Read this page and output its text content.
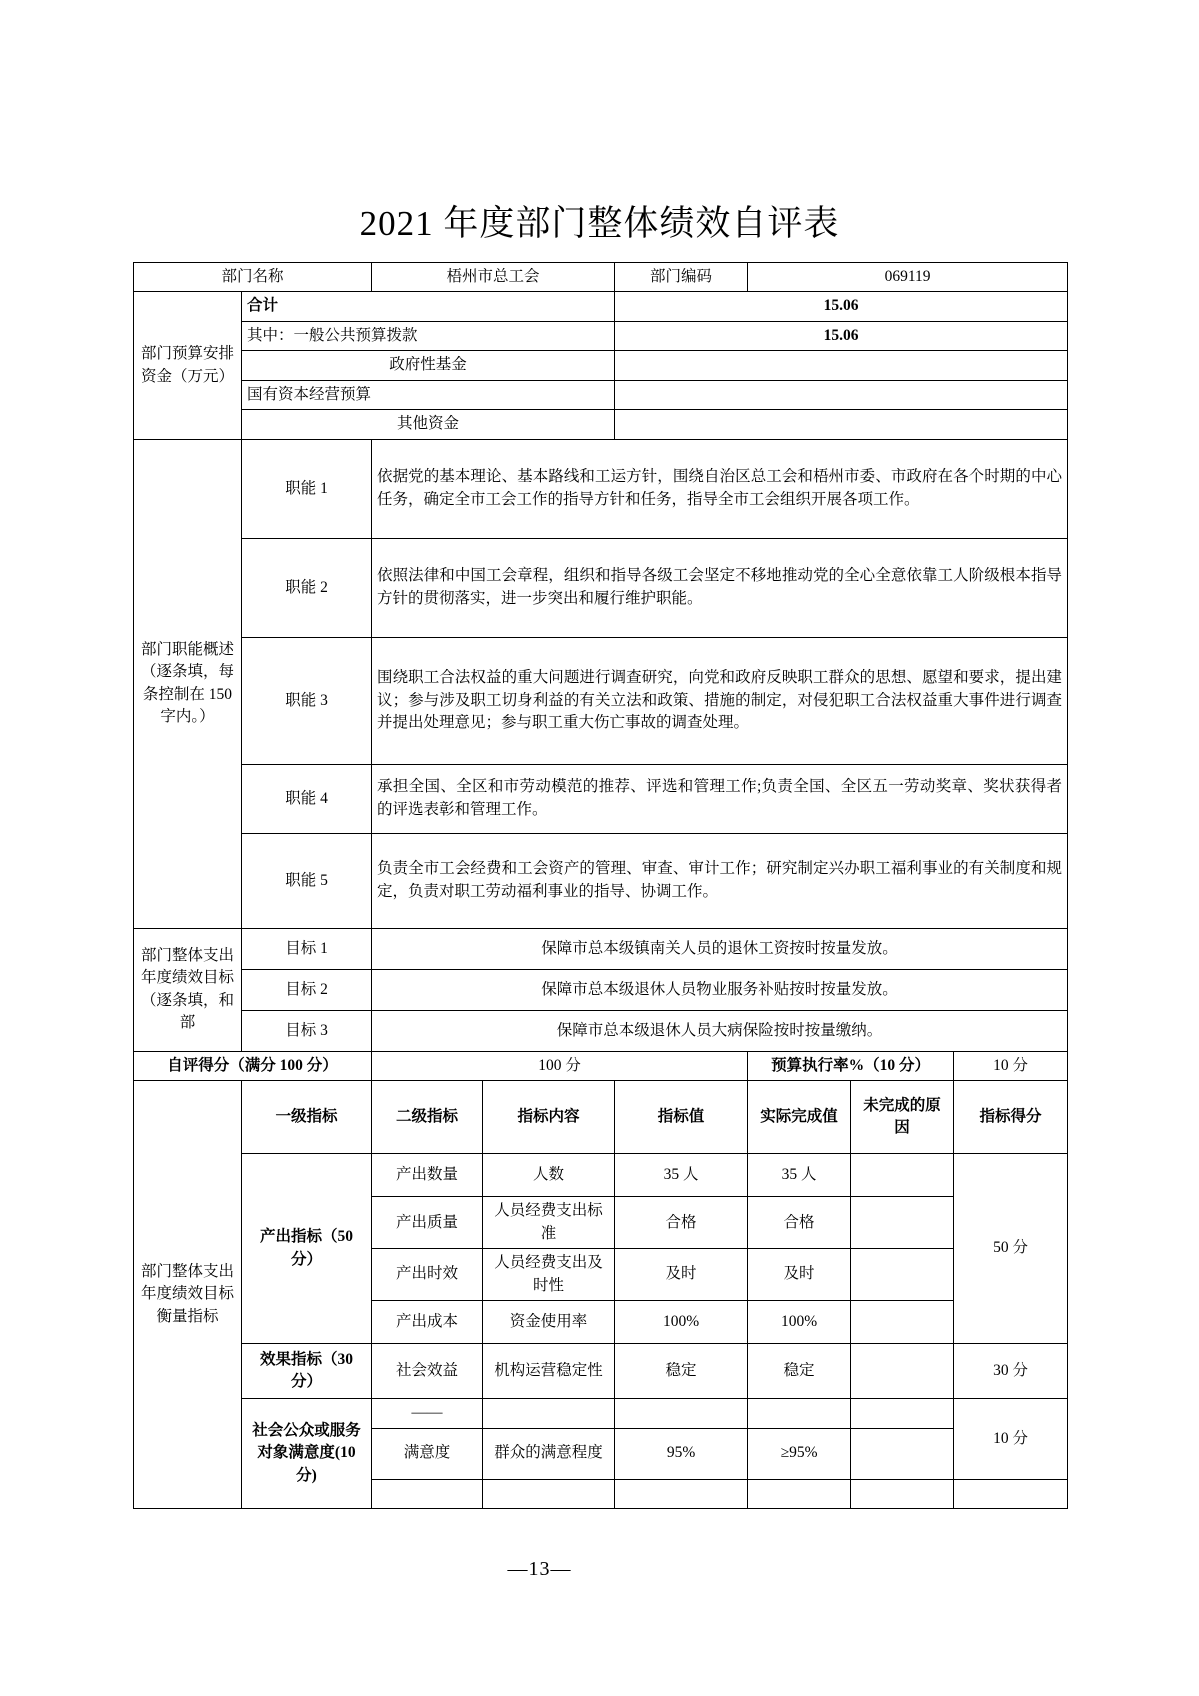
2021 年度部门整体绩效自评表
部门名称		梧州市总工会		部门编码	069119		
部门预算安排资金（万元）	合计			15.06			
	其中：一般公共预算拨款			15.06			
	政府性基金						
	国有资本经营预算						
	其他资金						
部门职能概述（逐条填，每条控制在 150 字内。）	职能 1	依据党的基本理论、基本路线和工运方针，围绕自治区总工会和梧州市委、市政府在各个时期的中心任务，确定全市工会工作的指导方针和任务，指导全市工会组织开展各项工作。					
	职能 2	依照法律和中国工会章程，组织和指导各级工会坚定不移地推动党的全心全意依靠工人阶级根本指导方针的贯彻落实，进一步突出和履行维护职能。					
	职能 3	围绕职工合法权益的重大问题进行调查研究，向党和政府反映职工群众的思想、愿望和要求，提出建议；参与涉及职工切身利益的有关立法和政策、措施的制定，对侵犯职工合法权益重大事件进行调查并提出处理意见；参与职工重大伤亡事故的调查处理。					
	职能 4	承担全国、全区和市劳动模范的推荐、评选和管理工作;负责全国、全区五一劳动奖章、奖状获得者的评选表彰和管理工作。					
	职能 5	负责全市工会经费和工会资产的管理、审查、审计工作；研究制定兴办职工福利事业的有关制度和规定，负责对职工劳动福利事业的指导、协调工作。					
部门整体支出年度绩效目标（逐条填，和部	目标 1	保障市总本级镇南关人员的退休工资按时按量发放。					
	目标 2	保障市总本级退休人员物业服务补贴按时按量发放。					
	目标 3	保障市总本级退休人员大病保险按时按量缴纳。					
自评得分（满分 100 分）		100 分			预算执行率%（10 分）		10 分
部门整体支出年度绩效目标衡量指标	一级指标	二级指标	指标内容	指标值	实际完成值	未完成的原因	指标得分
	产出指标（50 分）	产出数量	人数	35 人	35 人		50 分
		产出质量	人员经费支出标准	合格	合格		
		产出时效	人员经费支出及时性	及时	及时		
		产出成本	资金使用率	100%	100%		
	效果指标（30 分）	社会效益	机构运营稳定性	稳定	稳定		30 分
	社会公众或服务对象满意度(10 分)	——					10 分
		满意度	群众的满意程度	95%	≥95%		

—13—
